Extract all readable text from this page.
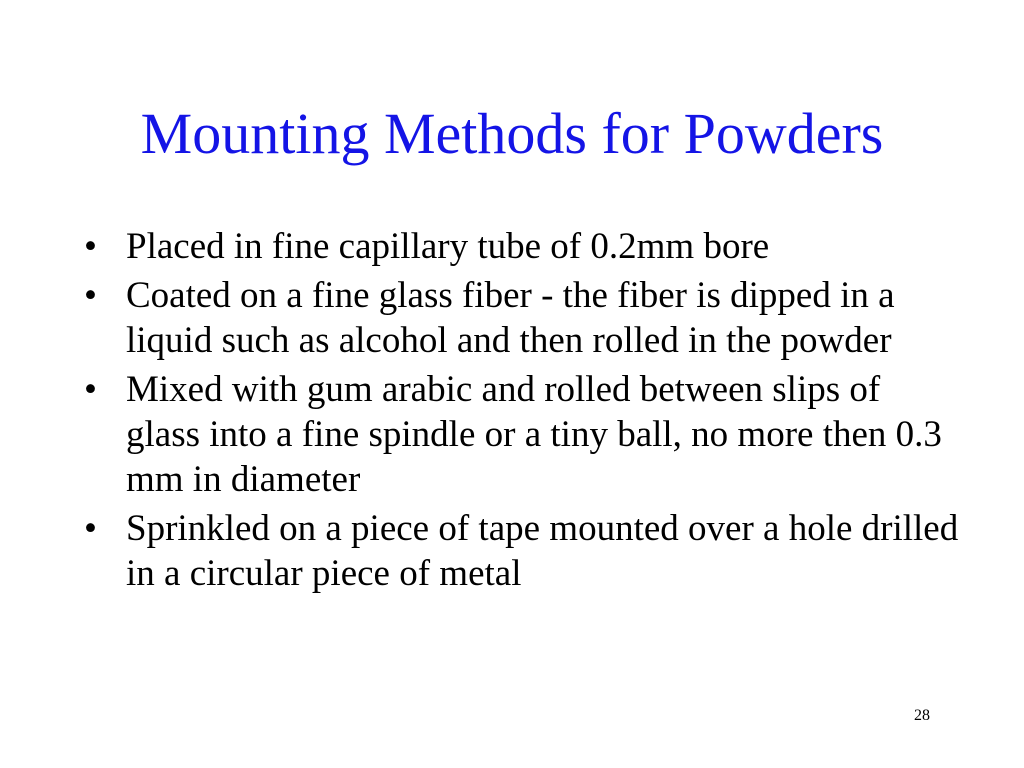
Mounting Methods for Powders
• Placed in fine capillary tube of 0.2mm bore
• Coated on a fine glass fiber - the fiber is dipped in a liquid such as alcohol and then rolled in the powder
• Mixed with gum arabic and rolled between slips of glass into a fine spindle or a tiny ball, no more then 0.3 mm in diameter
• Sprinkled on a piece of tape mounted over a hole drilled in a circular piece of metal
28
